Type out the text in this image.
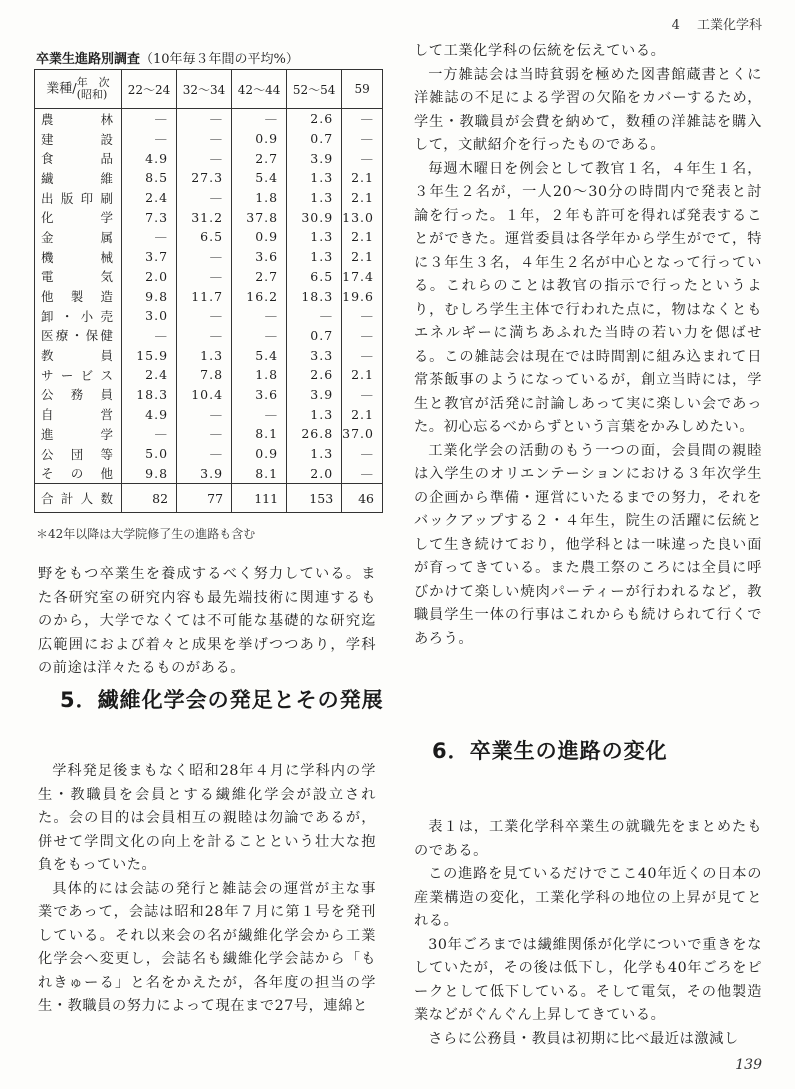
4　 工業化学科
卒業生進路別調査（10年毎３年間の平均%）
業種/年　次
(昭和)	22～24	32～34	42～44	52～54	59
農林	—	—	—	2.6	—
建設	—	—	0.9	0.7	—
食品	4.9	—	2.7	3.9	—
繊維	8.5	27.3	5.4	1.3	2.1
出版印刷	2.4	—	1.8	1.3	2.1
化学	7.3	31.2	37.8	30.9	13.0
金属	—	6.5	0.9	1.3	2.1
機械	3.7	—	3.6	1.3	2.1
電気	2.0	—	2.7	6.5	17.4
他製造	9.8	11.7	16.2	18.3	19.6
卸・小売	3.0	—	—	—	—
医療・保健	—	—	—	0.7	—
教員	15.9	1.3	5.4	3.3	—
サービス	2.4	7.8	1.8	2.6	2.1
公務員	18.3	10.4	3.6	3.9	—
自営	4.9	—	—	1.3	2.1
進学	—	—	8.1	26.8	37.0
公団等	5.0	—	0.9	1.3	—
その他	9.8	3.9	8.1	2.0	—
合計人数	82	77	111	153	46
＊42年以降は大学院修了生の進路も含む

野をもつ卒業生を養成するべく努力している。また各研究室の研究内容も最先端技術に関連するものから，大学でなくては不可能な基礎的な研究迄広範囲におよび着々と成果を挙げつつあり，学科の前途は洋々たるものがある。

5．繊維化学会の発足とその発展

学科発足後まもなく昭和28年４月に学科内の学生・教職員を会員とする繊維化学会が設立された。会の目的は会員相互の親睦は勿論であるが，併せて学問文化の向上を計ることという壮大な抱負をもっていた。

具体的には会誌の発行と雑誌会の運営が主な事業であって，会誌は昭和28年７月に第１号を発刊している。それ以来会の名が繊維化学会から工業化学会へ変更し，会誌名も繊維化学会誌から「もれきゅーる」と名をかえたが，各年度の担当の学生・教職員の努力によって現在まで27号，連綿と

して工業化学科の伝統を伝えている。

一方雑誌会は当時貧弱を極めた図書館蔵書とくに洋雑誌の不足による学習の欠陥をカバーするため，学生・教職員が会費を納めて，数種の洋雑誌を購入して，文献紹介を行ったものである。

毎週木曜日を例会として教官１名，４年生１名，３年生２名が，一人20～30分の時間内で発表と討論を行った。１年，２年も許可を得れば発表することができた。運営委員は各学年から学生がでて，特に３年生３名，４年生２名が中心となって行っている。これらのことは教官の指示で行ったというより，むしろ学生主体で行われた点に，物はなくともエネルギーに満ちあふれた当時の若い力を偲ばせる。この雑誌会は現在では時間割に組み込まれて日常茶飯事のようになっているが，創立当時には，学生と教官が活発に討論しあって実に楽しい会であった。初心忘るべからずという言葉をかみしめたい。

工業化学会の活動のもう一つの面，会員間の親睦は入学生のオリエンテーションにおける３年次学生の企画から準備・運営にいたるまでの努力，それをバックアップする２・４年生，院生の活躍に伝統として生き続けており，他学科とは一味違った良い面が育ってきている。また農工祭のころには全員に呼びかけて楽しい焼肉パーティーが行われるなど，教職員学生一体の行事はこれからも続けられて行くであろう。

6．卒業生の進路の変化

表１は，工業化学科卒業生の就職先をまとめたものである。

この進路を見ているだけでここ40年近くの日本の産業構造の変化，工業化学科の地位の上昇が見てとれる。

30年ごろまでは繊維関係が化学についで重きをなしていたが，その後は低下し，化学も40年ごろをピークとして低下している。そして電気，その他製造業などがぐんぐん上昇してきている。

さらに公務員・教員は初期に比べ最近は激減し

139
